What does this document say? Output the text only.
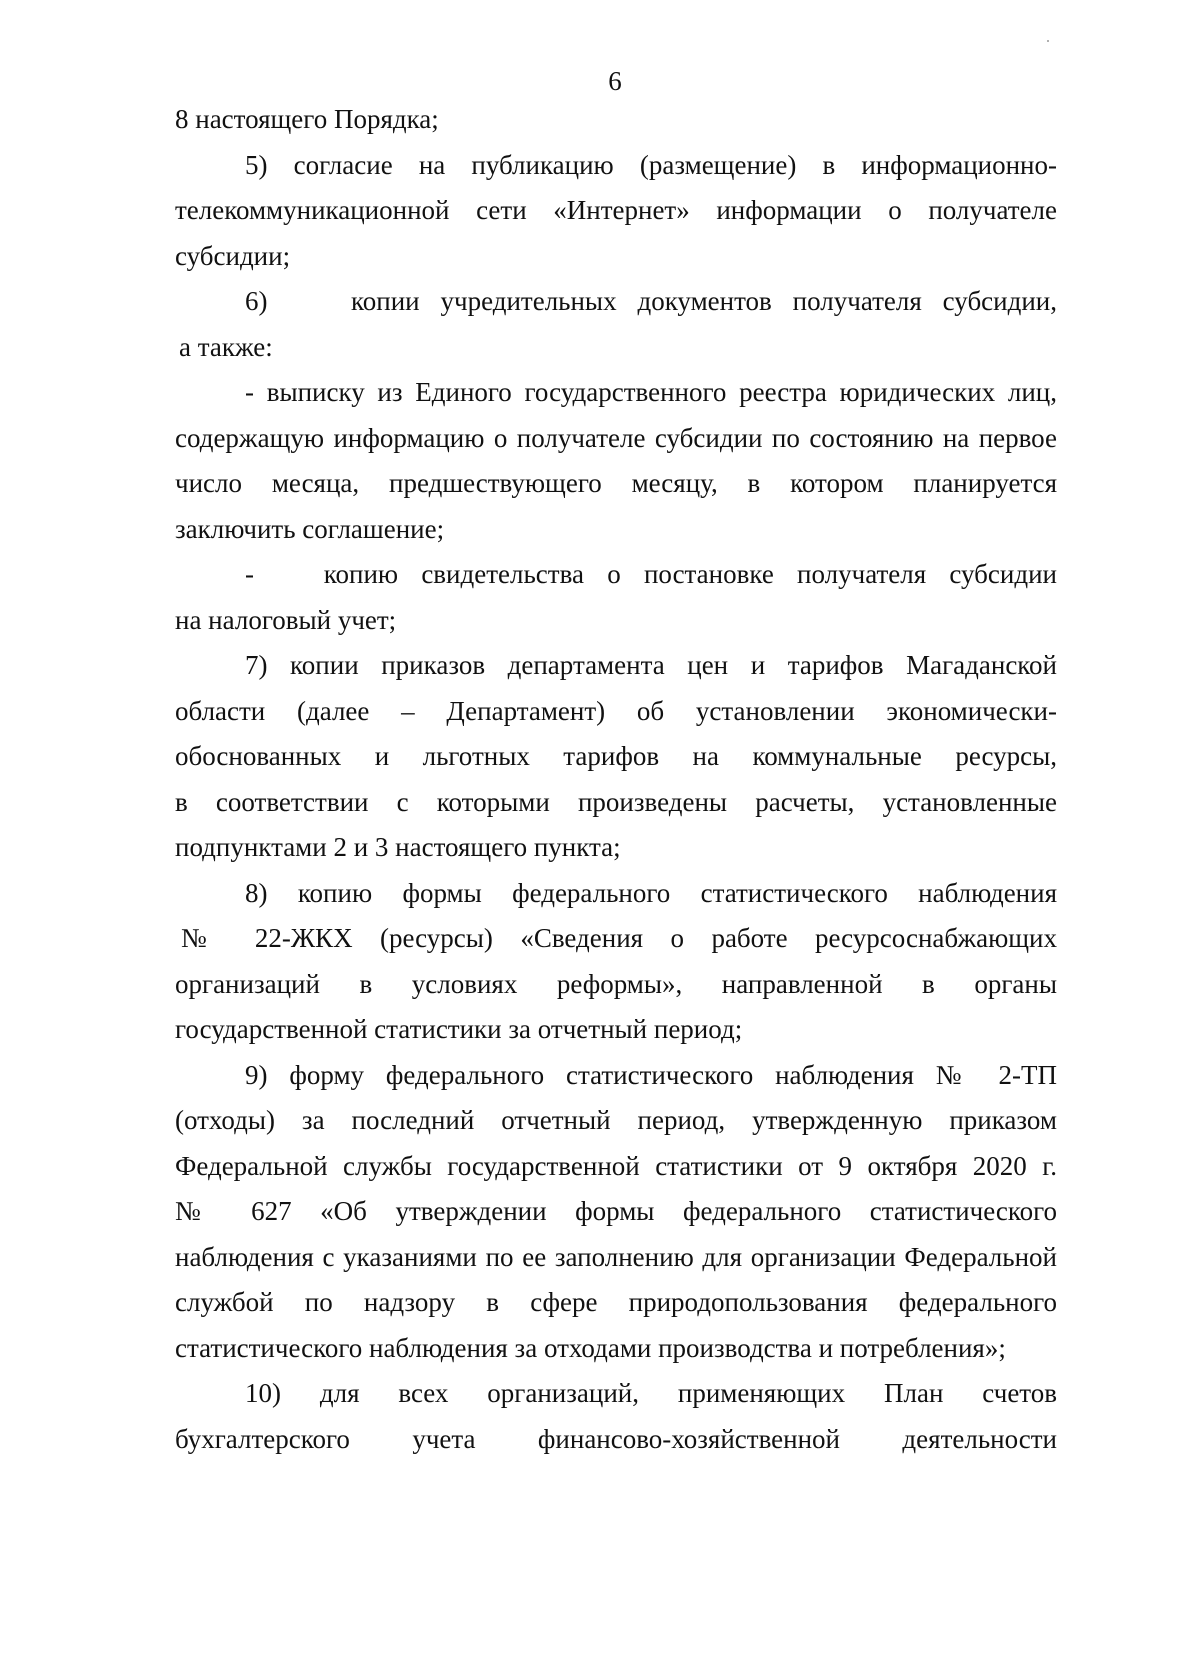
6
8 настоящего Порядка;
5) согласие на публикацию (размещение) в информационно-
телекоммуникационной сети «Интернет» информации о получателе
субсидии;
6)    копии учредительных документов получателя субсидии,
а также:
- выписку из Единого государственного реестра юридических лиц,
содержащую информацию о получателе субсидии по состоянию на первое
число месяца, предшествующего месяцу, в котором планируется
заключить соглашение;
-   копию свидетельства о постановке получателя субсидии
на налоговый учет;
7) копии приказов департамента цен и тарифов Магаданской
области (далее – Департамент) об установлении экономически-
обоснованных и льготных тарифов на коммунальные ресурсы,
в соответствии с которыми произведены расчеты, установленные
подпунктами 2 и 3 настоящего пункта;
8) копию формы федерального статистического наблюдения
№ 22-ЖКХ (ресурсы) «Сведения о работе ресурсоснабжающих
организаций в условиях реформы», направленной в органы
государственной статистики за отчетный период;
9) форму федерального статистического наблюдения № 2-ТП
(отходы) за последний отчетный период, утвержденную приказом
Федеральной службы государственной статистики от 9 октября 2020 г.
№ 627 «Об утверждении формы федерального статистического
наблюдения с указаниями по ее заполнению для организации Федеральной
службой по надзору в сфере природопользования федерального
статистического наблюдения за отходами производства и потребления»;
10) для всех организаций, применяющих План счетов
бухгалтерского учета финансово-хозяйственной деятельности
